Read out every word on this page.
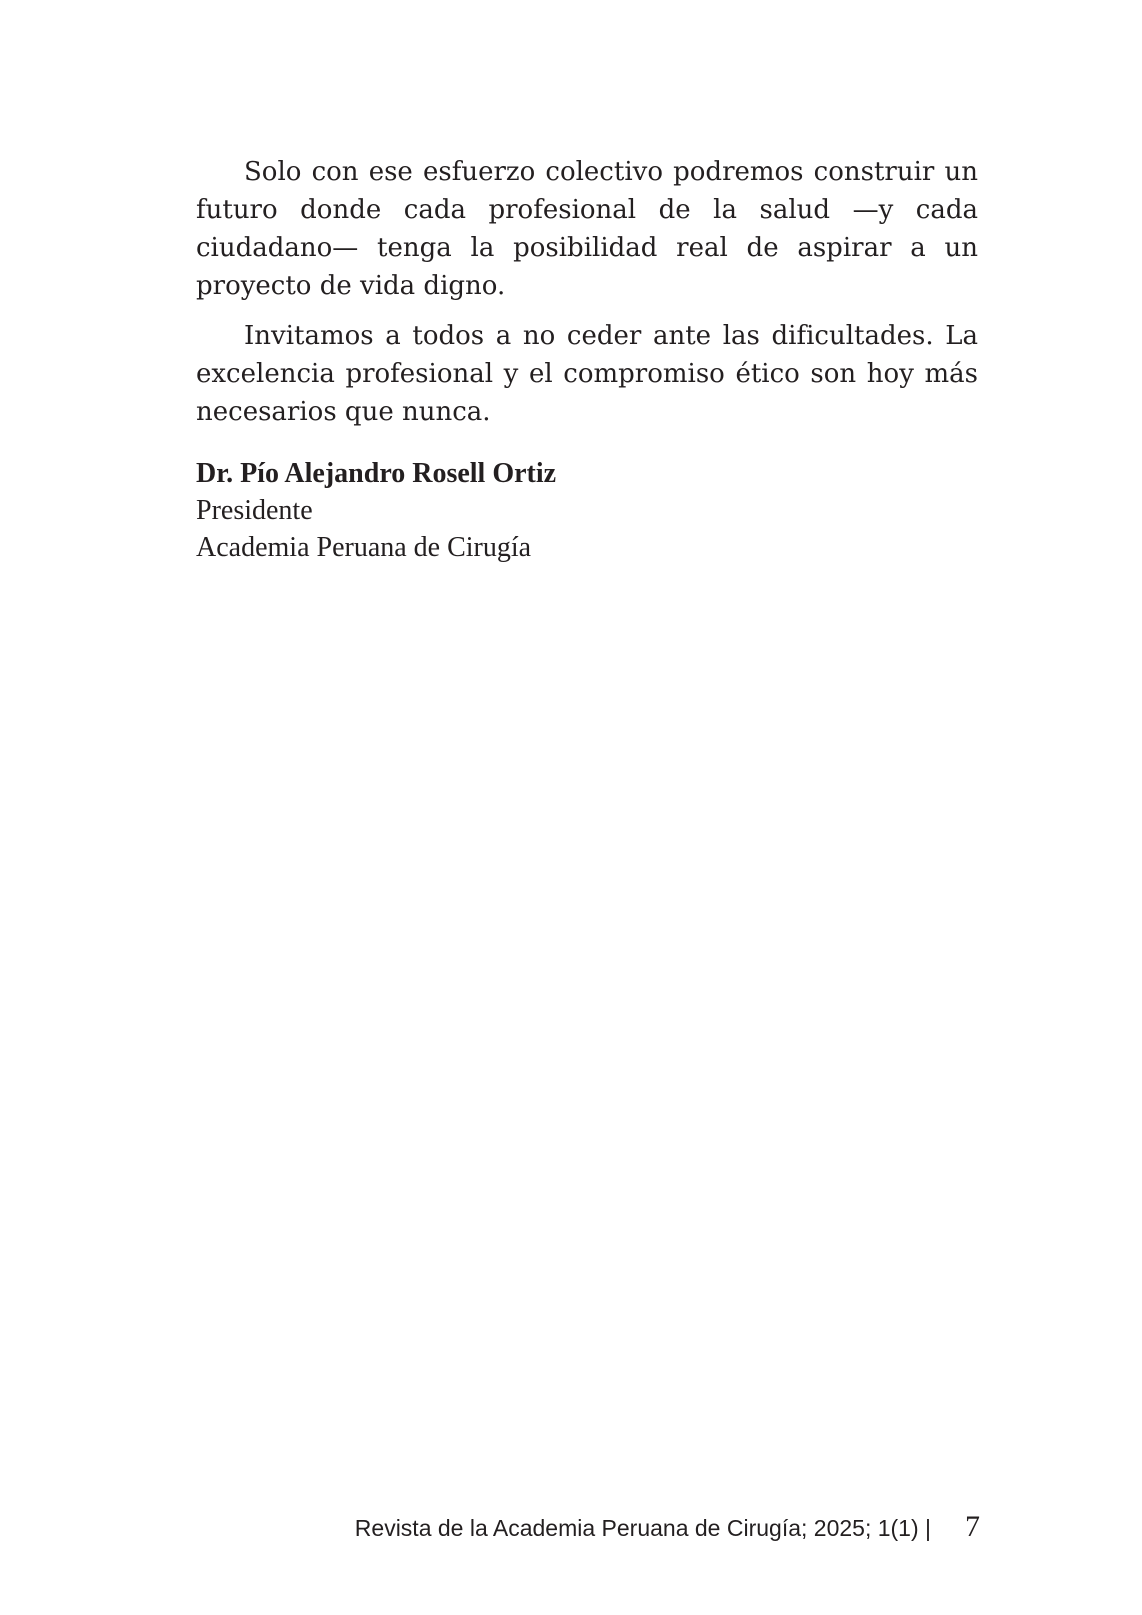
Solo con ese esfuerzo colectivo podremos construir un futuro donde cada profesional de la salud —y cada ciudadano— tenga la posibilidad real de aspirar a un proyecto de vida digno.

Invitamos a todos a no ceder ante las dificultades. La excelencia profesional y el compromiso ético son hoy más necesarios que nunca.

Dr. Pío Alejandro Rosell Ortiz
Presidente
Academia Peruana de Cirugía
Revista de la Academia Peruana de Cirugía; 2025; 1(1) | 7
